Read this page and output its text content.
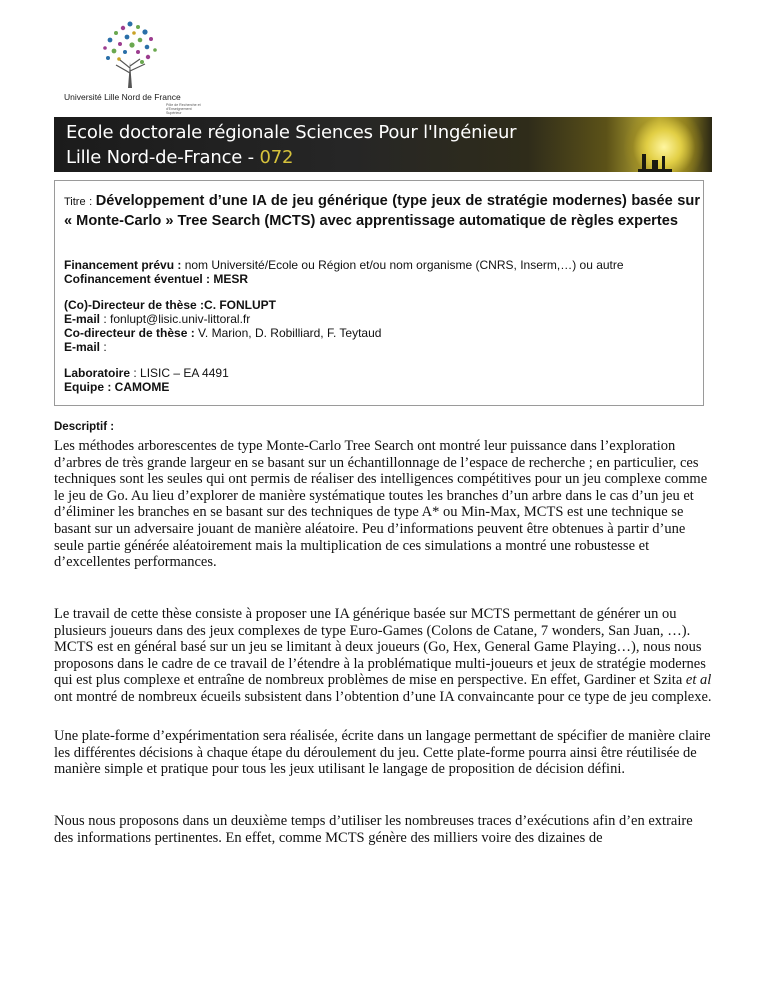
Université Lille Nord de France
Pôle de Recherche et d'Enseignement Supérieur
Ecole doctorale régionale Sciences Pour l'Ingénieur
Lille Nord-de-France - 072
Titre : Développement d’une IA de jeu générique (type jeux de stratégie modernes) basée sur « Monte-Carlo » Tree Search (MCTS) avec apprentissage automatique de règles expertes
Financement prévu : nom Université/Ecole ou Région et/ou nom organisme (CNRS, Inserm,…) ou autre
Cofinancement éventuel : MESR
(Co)-Directeur de thèse :C. FONLUPT
E-mail : fonlupt@lisic.univ-littoral.fr
Co-directeur de thèse : V. Marion, D. Robilliard, F. Teytaud
E-mail :
Laboratoire : LISIC – EA 4491
Equipe : CAMOME
Descriptif :
Les méthodes arborescentes de type Monte-Carlo Tree Search ont montré leur puissance dans l’exploration d’arbres de très grande largeur en se basant sur un échantillonnage de l’espace de recherche ; en particulier, ces techniques sont les seules qui ont permis de réaliser des intelligences compétitives pour un jeu complexe comme le jeu de Go. Au lieu d’explorer de manière systématique toutes les branches d’un arbre dans le cas d’un jeu et d’éliminer les branches en se basant sur des techniques de type A* ou Min-Max, MCTS est une technique se basant sur un adversaire jouant de manière aléatoire. Peu d’informations peuvent être obtenues à partir d’une seule partie générée aléatoirement mais la multiplication de ces simulations a montré une robustesse et d’excellentes performances.
Le travail de cette thèse consiste à proposer une IA générique basée sur MCTS permettant de générer un ou plusieurs joueurs dans des jeux complexes de type Euro-Games (Colons de Catane, 7 wonders, San Juan, …). MCTS est en général basé sur un jeu se limitant à deux joueurs (Go, Hex, General Game Playing…), nous nous proposons dans le cadre de ce travail de l’étendre à la problématique multi-joueurs et jeux de stratégie modernes qui est plus complexe et entraîne de nombreux problèmes de mise en perspective. En effet, Gardiner et Szita et al ont montré de nombreux écueils subsistent dans l’obtention d’une IA convaincante pour ce type de jeu complexe.
Une plate-forme d’expérimentation sera réalisée, écrite dans un langage permettant de spécifier de manière claire les différentes décisions à chaque étape du déroulement du jeu. Cette plate-forme pourra ainsi être réutilisée de manière simple et pratique pour tous les jeux utilisant le langage de proposition de décision défini.
Nous nous proposons dans un deuxième temps d’utiliser les nombreuses traces d’exécutions afin d’en extraire des informations pertinentes. En effet, comme MCTS génère des milliers voire des dizaines de
